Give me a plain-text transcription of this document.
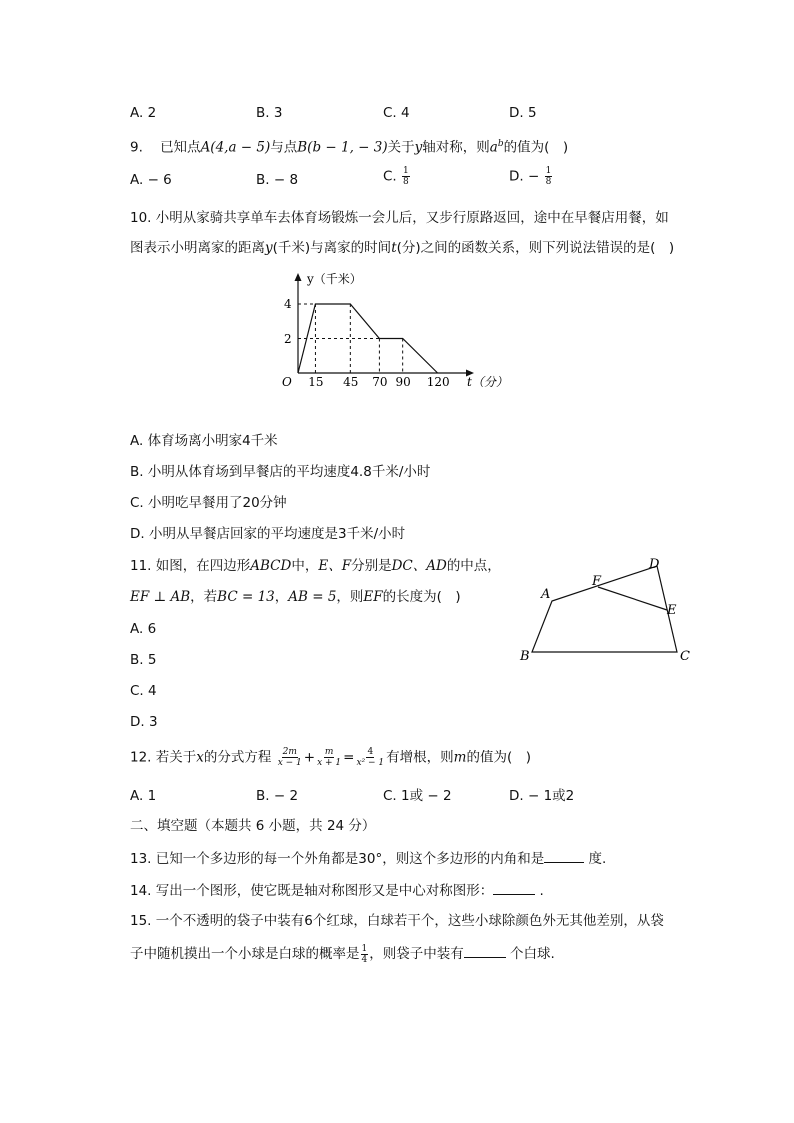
A. 2	B. 3	C. 4	D. 5
9. 已知点A(4,a − 5)与点B(b − 1, − 3)关于y轴对称，则$a^b$的值为(　)
A. − 6	B. − 8	C. $\frac{1}{8}$	D. − $\frac{1}{8}$
10. 小明从家骑共享单车去体育场锻炼一会儿后，又步行原路返回，途中在早餐店用餐，如
图表示小明离家的距离y(千米)与离家的时间t(分)之间的函数关系，则下列说法错误的是(　)
y（千米）
t（分）
O
4
2
15 45 70 90 120
A. 体育场离小明家4千米
B. 小明从体育场到早餐店的平均速度4.8千米/小时
C. 小明吃早餐用了20分钟
D. 小明从早餐店回家的平均速度是3千米/小时
11. 如图，在四边形ABCD中，E、F分别是DC、AD的中点，
EF ⊥ AB，若BC = 13，AB = 5，则EF的长度为(　)
A. 6
B. 5
C. 4
D. 3
A
B	C
D
E
F
12. 若关于x的分式方程 $\frac{2m}{x - 1} + \frac{m}{x + 1} = \frac{4}{\text{x² − 1}}$ 有增根，则m的值为(　)
A. 1	B. − 2	C. 1或 − 2	D. − 1或2
二、填空题（本题共 6 小题，共 24 分）
13. 已知一个多边形的每一个外角都是30°，则这个多边形的内角和是	度.
14. 写出一个图形，使它既是轴对称图形又是中心对称图形：	.
15. 一个不透明的袋子中装有6个红球，白球若干个，这些小球除颜色外无其他差别，从袋
子中随机摸出一个小球是白球的概率是 $\frac{1}{4}$ ，则袋子中装有	个白球.
